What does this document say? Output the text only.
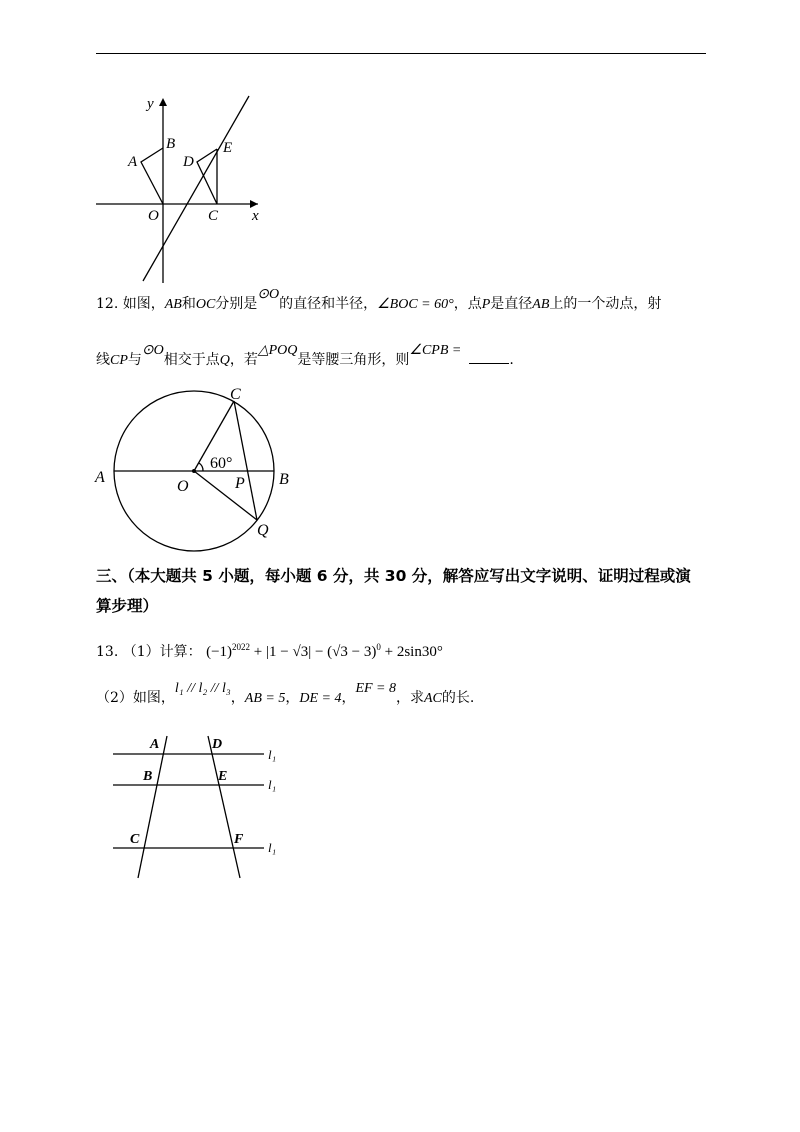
y
x
O
A
B
C
D
E
12. 如图，AB和OC分别是⊙O的直径和半径，∠BOC = 60°，点P是直径AB上的一个动点，射
线CP与⊙O相交于点Q，若△POQ是等腰三角形，则∠CPB =.
A	B
O
C
P
Q
60°
三、（本大题共 5 小题，每小题 6 分，共 30 分，解答应写出文字说明、证明过程或演算步理）
13. （1）计算： $(-1)^{2022} + |1 - √3| - (√3 - 3)^0 + 2\sin 30^\circ$
（2）如图，l₁ // l₂ // l₃，AB = 5，DE = 4，EF = 8，求AC的长.
A	D
B	E
C	F
l₁
l₁
l₁
